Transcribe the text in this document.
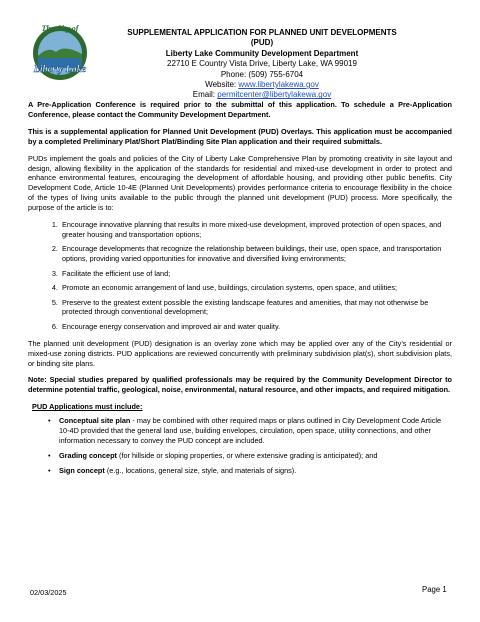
The City of
Liberty Lake
SUPPLEMENTAL APPLICATION FOR PLANNED UNIT DEVELOPMENTS
(PUD)
Liberty Lake Community Development Department
22710 E Country Vista Drive, Liberty Lake, WA 99019
Phone: (509) 755-6704
Website: www.libertylakewa.gov
Email: permitcenter@libertylakewa.gov

A Pre-Application Conference is required prior to the submittal of this application. To schedule a Pre-Application Conference, please contact the Community Development Department.

This is a supplemental application for Planned Unit Development (PUD) Overlays. This application must be accompanied by a completed Preliminary Plat/Short Plat/Binding Site Plan application and their required submittals.

PUDs implement the goals and policies of the City of Liberty Lake Comprehensive Plan by promoting creativity in site layout and design, allowing flexibility in the application of the standards for residential and mixed-use development in order to protect and enhance environmental features, encouraging the development of affordable housing, and providing other public benefits. City Development Code, Article 10-4E (Planned Unit Developments) provides performance criteria to encourage flexibility in the choice of the types of living units available to the public through the planned unit development (PUD) process. More specifically, the purpose of the article is to:

1. Encourage innovative planning that results in more mixed-use development, improved protection of open spaces, and greater housing and transportation options;
2. Encourage developments that recognize the relationship between buildings, their use, open space, and transportation options, providing varied opportunities for innovative and diversified living environments;
3. Facilitate the efficient use of land;
4. Promote an economic arrangement of land use, buildings, circulation systems, open space, and utilities;
5. Preserve to the greatest extent possible the existing landscape features and amenities, that may not otherwise be protected through conventional development;
6. Encourage energy conservation and improved air and water quality.

The planned unit development (PUD) designation is an overlay zone which may be applied over any of the City’s residential or mixed-use zoning districts. PUD applications are reviewed concurrently with preliminary subdivision plat(s), short subdivision plats, or binding site plans.

Note: Special studies prepared by qualified professionals may be required by the Community Development Director to determine potential traffic, geological, noise, environmental, natural resource, and other impacts, and required mitigation.

PUD Applications must include:
• Conceptual site plan - may be combined with other required maps or plans outlined in City Development Code Article 10-4D provided that the general land use, building envelopes, circulation, open space, utility connections, and other information necessary to convey the PUD concept are included.
• Grading concept (for hillside or sloping properties, or where extensive grading is anticipated); and
• Sign concept (e.g., locations, general size, style, and materials of signs).
02/03/2025	Page 1
